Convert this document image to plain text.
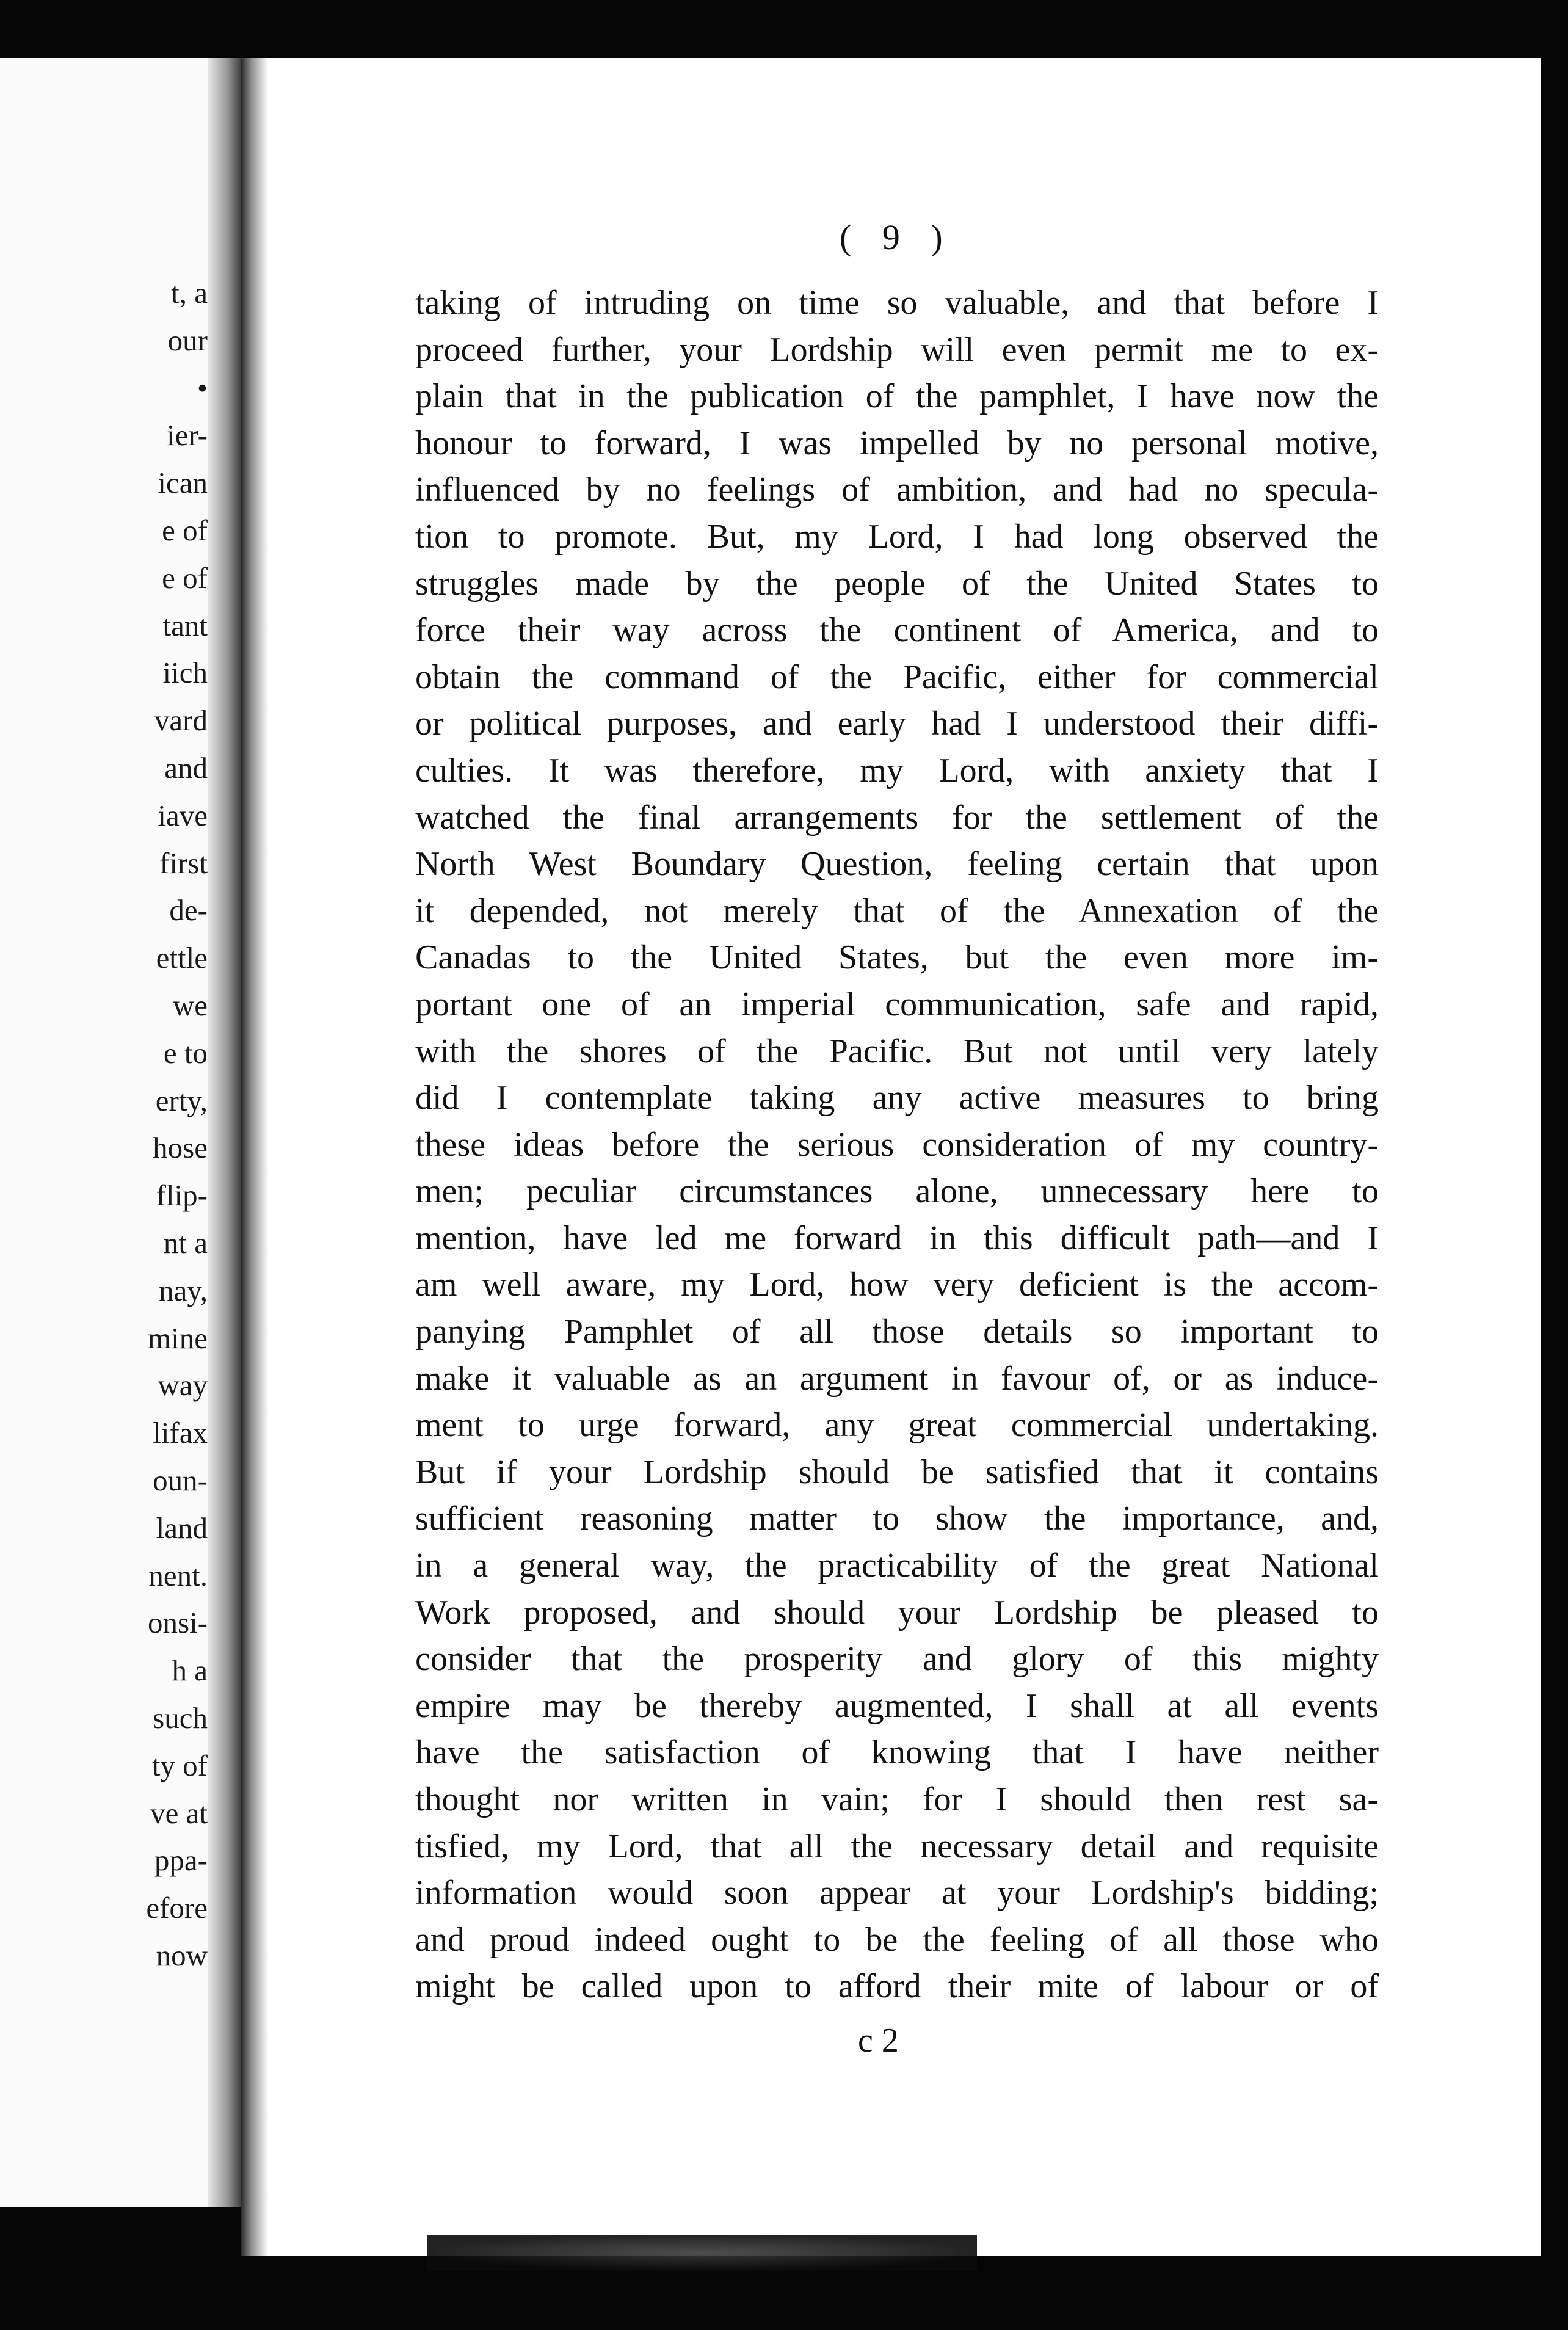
t, a
our
•
ier-
ican
e of
e of
tant
iich
vard
and
iave
first
de-
ettle
we
e to
erty,
hose
flip-
nt a
nay,
mine
way
lifax
oun-
land
nent.
onsi-
h a
such
ty of
ve at
ppa-
efore
now
( 9 )
taking of intruding on time so valuable, and that before I
proceed further, your Lordship will even permit me to ex-
plain that in the publication of the pamphlet, I have now the
honour to forward, I was impelled by no personal motive,
influenced by no feelings of ambition, and had no specula-
tion to promote. But, my Lord, I had long observed the
struggles made by the people of the United States to
force their way across the continent of America, and to
obtain the command of the Pacific, either for commercial
or political purposes, and early had I understood their diffi-
culties. It was therefore, my Lord, with anxiety that I
watched the final arrangements for the settlement of the
North West Boundary Question, feeling certain that upon
it depended, not merely that of the Annexation of the
Canadas to the United States, but the even more im-
portant one of an imperial communication, safe and rapid,
with the shores of the Pacific. But not until very lately
did I contemplate taking any active measures to bring
these ideas before the serious consideration of my country-
men; peculiar circumstances alone, unnecessary here to
mention, have led me forward in this difficult path—and I
am well aware, my Lord, how very deficient is the accom-
panying Pamphlet of all those details so important to
make it valuable as an argument in favour of, or as induce-
ment to urge forward, any great commercial undertaking.
But if your Lordship should be satisfied that it contains
sufficient reasoning matter to show the importance, and,
in a general way, the practicability of the great National
Work proposed, and should your Lordship be pleased to
consider that the prosperity and glory of this mighty
empire may be thereby augmented, I shall at all events
have the satisfaction of knowing that I have neither
thought nor written in vain; for I should then rest sa-
tisfied, my Lord, that all the necessary detail and requisite
information would soon appear at your Lordship's bidding;
and proud indeed ought to be the feeling of all those who
might be called upon to afford their mite of labour or of
c 2
